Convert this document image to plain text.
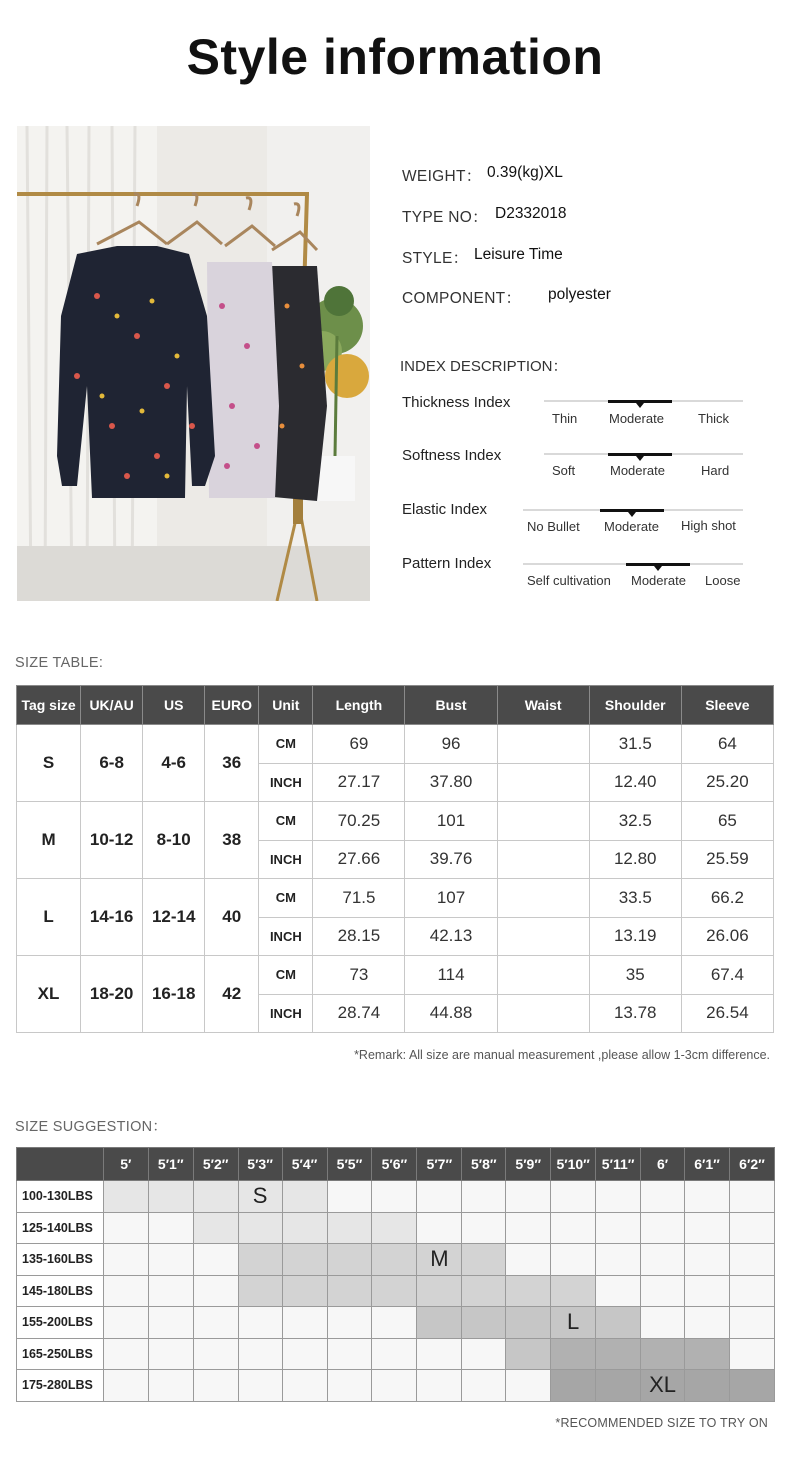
Style information
WEIGHT： 0.39(kg)XL
TYPE NO： D2332018
STYLE： Leisure Time
COMPONENT： polyester
INDEX DESCRIPTION：
Thickness Index
Thin Moderate	Thick
Softness Index
Soft	Moderate	Hard
Elastic Index
No Bullet Moderate High shot
Pattern Index
Self cultivation Moderate Loose
SIZE TABLE:
Tag size	UK/AU	US	EURO	Unit	Length	Bust	Waist	Shoulder	Sleeve
S	6-8	4-6	36	CM	69	96		31.5	64
				INCH	27.17	37.80		12.40	25.20
M	10-12	8-10	38	CM	70.25	101		32.5	65
				INCH	27.66	39.76		12.80	25.59
L	14-16	12-14	40	CM	71.5	107		33.5	66.2
				INCH	28.15	42.13		13.19	26.06
XL	18-20	16-18	42	CM	73	114		35	67.4
				INCH	28.74	44.88		13.78	26.54
*Remark: All size are manual measurement ,please allow 1-3cm difference.
SIZE SUGGESTION：
	5′	5′1″	5′2″	5′3″	5′4″	5′5″	5′6″	5′7″	5′8″	5′9″	5′10″	5′11″	6′	6′1″	6′2″
100-130LBS				S											
125-140LBS															
135-160LBS								M							
145-180LBS															
155-200LBS											L				
165-250LBS															
175-280LBS													XL		
*RECOMMENDED SIZE TO TRY ON
